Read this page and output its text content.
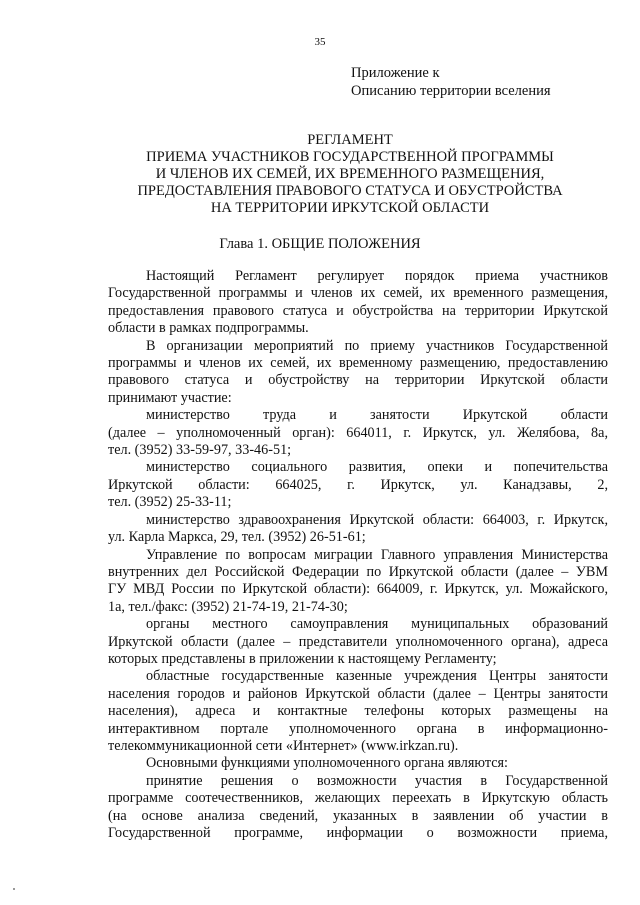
35
Приложение к
Описанию территории вселения
РЕГЛАМЕНТ
ПРИЕМА УЧАСТНИКОВ ГОСУДАРСТВЕННОЙ ПРОГРАММЫ
И ЧЛЕНОВ ИХ СЕМЕЙ, ИХ ВРЕМЕННОГО РАЗМЕЩЕНИЯ,
ПРЕДОСТАВЛЕНИЯ ПРАВОВОГО СТАТУСА И ОБУСТРОЙСТВА
НА ТЕРРИТОРИИ ИРКУТСКОЙ ОБЛАСТИ
Глава 1. ОБЩИЕ ПОЛОЖЕНИЯ
Настоящий Регламент регулирует порядок приема участников
Государственной программы и членов их семей, их временного размещения,
предоставления правового статуса и обустройства на территории Иркутской
области в рамках подпрограммы.
В организации мероприятий по приему участников Государственной
программы и членов их семей, их временному размещению, предоставлению
правового статуса и обустройству на территории Иркутской области
принимают участие:
министерство труда и занятости Иркутской области
(далее – уполномоченный орган): 664011, г. Иркутск, ул. Желябова, 8а,
тел. (3952) 33-59-97, 33-46-51;
министерство социального развития, опеки и попечительства
Иркутской области: 664025, г. Иркутск, ул. Канадзавы, 2,
тел. (3952) 25-33-11;
министерство здравоохранения Иркутской области: 664003, г. Иркутск,
ул. Карла Маркса, 29, тел. (3952) 26-51-61;
Управление по вопросам миграции Главного управления Министерства
внутренних дел Российской Федерации по Иркутской области (далее – УВМ
ГУ МВД России по Иркутской области): 664009, г. Иркутск, ул. Можайского,
1а, тел./факс: (3952) 21-74-19, 21-74-30;
органы местного самоуправления муниципальных образований
Иркутской области (далее – представители уполномоченного органа), адреса
которых представлены в приложении к настоящему Регламенту;
областные государственные казенные учреждения Центры занятости
населения городов и районов Иркутской области (далее – Центры занятости
населения), адреса и контактные телефоны которых размещены на
интерактивном портале уполномоченного органа в информационно-
телекоммуникационной сети «Интернет» (www.irkzan.ru).
Основными функциями уполномоченного органа являются:
принятие решения о возможности участия в Государственной
программе соотечественников, желающих переехать в Иркутскую область
(на основе анализа сведений, указанных в заявлении об участии в
Государственной программе, информации о возможности приема,
